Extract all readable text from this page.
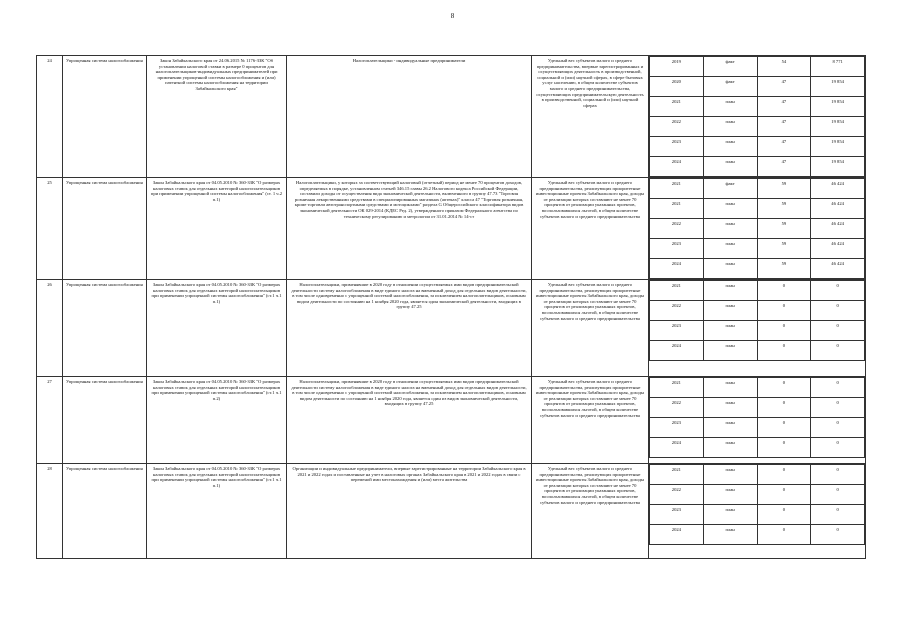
8
24	Упрощенная система налогообложения	Закон Забайкальского края от 24.06.2015 № 1176-ЗЗК "Об установлении налоговой ставки в размере 0 процентов для налогоплательщиков-индивидуальных предпринимателей при применении упрощенной системы налогообложения и (или) патентной системы налогообложения на территории Забайкальского края"	Налогоплательщики - индивидуальные предприниматели	Удельный вес субъектов малого и среднего предпринимательства, впервые зарегистрированных и осуществляющих деятельность в производственной, социальной и (или) научной сферах, в сфере бытовых услуг населению, в общем количестве субъектов малого и среднего предпринимательства, осуществляющих предпринимательскую деятельность в производственной, социальной и (или) научной сферах	
2019	факт	54	8 771
2020	факт	47	19 854
2021	план	47	19 854
2022	план	47	19 854
2023	план	47	19 854
2024	план	47	19 854

25	Упрощенная система налогообложения	Закон Забайкальского края от 04.05.2010 № 360-ЗЗК "О размерах налоговых ставок для отдельных категорий налогоплательщиков при применении упрощенной системы налогообложения" (ст. 1 ч.2 п.1)	Налогоплательщики, у которых за соответствующий налоговый (отчетный) период не менее 70 процентов доходов, определяемых в порядке, установленном статьей 346.15 главы 26.2 Налогового кодекса Российской Федерации, составили доходы от осуществления вида экономической деятельности, включенного в группу 47.73 "Торговля розничная лекарственными средствами в специализированных магазинах (аптеках)" класса 47 "Торговля розничная, кроме торговли автотранспортными средствами и мотоциклами" раздела G Общероссийского классификатора видов экономической деятельности ОК 029-2014 (КДЕС Ред. 2), утвержденного приказом Федерального агентства по техническому регулированию и метрологии от 31.01.2014 № 14-ст	Удельный вес субъектов малого и среднего предпринимательства, реализующих приоритетные инвестиционные проекты Забайкальского края, доходы от реализации которых составляют не менее 70 процентов от реализации указанных проектов, воспользовавшихся льготой, в общем количестве субъектов малого и среднего предпринимательства	
2021	факт	59	46 424
2021	план	59	46 424
2022	план	59	46 424
2023	план	59	46 424
2024	план	59	46 424

26	Упрощенная система налогообложения	Закон Забайкальского края от 04.05.2010 № 360-ЗЗК "О размерах налоговых ставок для отдельных категорий налогоплательщиков при применении упрощенной системы налогообложения" (ст.1 ч.1 п.1)	Налогоплательщики, применявшие в 2020 году в отношении осуществляемых ими видов предпринимательской деятельности систему налогообложения в виде единого налога на вмененный доход для отдельных видов деятельности, в том числе одновременно с упрощенной системой налогообложения, за исключением налогоплательщиков, основным видом деятельности по состоянию на 1 ноября 2020 года, является один экономической деятельности, входящих в группу 47.25	Удельный вес субъектов малого и среднего предпринимательства, реализующих приоритетные инвестиционные проекты Забайкальского края, доходы от реализации которых составляют не менее 70 процентов от реализации указанных проектов, воспользовавшихся льготой, в общем количестве субъектов малого и среднего предпринимательства	
2021	план	0	0
2022	план	0	0
2023	план	0	0
2024	план	0	0

27	Упрощенная система налогообложения	Закон Забайкальского края от 04.05.2010 № 360-ЗЗК "О размерах налоговых ставок для отдельных категорий налогоплательщиков при применении упрощенной системы налогообложения" (ст.1 ч.1 п.2)	Налогоплательщики, применявшие в 2020 году в отношении осуществляемых ими видов предпринимательской деятельности систему налогообложения в виде единого налога на вмененный доход для отдельных видов деятельности, в том числе одновременно с упрощенной системой налогообложения, за исключением налогоплательщиков, основным видом деятельности по состоянию на 1 ноября 2020 года, является один из видов экономической деятельности, входящих в группу 47.25	Удельный вес субъектов малого и среднего предпринимательства, реализующих приоритетные инвестиционные проекты Забайкальского края, доходы от реализации которых составляют не менее 70 процентов от реализации указанных проектов, воспользовавшихся льготой, в общем количестве субъектов малого и среднего предпринимательства	
2021	план	0	0
2022	план	0	0
2023	план	0	0
2024	план	0	0

28	Упрощенная система налогообложения	Закон Забайкальского края от 04.05.2010 № 360-ЗЗК "О размерах налоговых ставок для отдельных категорий налогоплательщиков при применении упрощенной системы налогообложения" (ст.1 ч.1 п.1)	Организации и индивидуальные предприниматели, впервые зарегистрированные на территории Забайкальского края в 2021 и 2022 годах и поставленные на учет в налоговых органах Забайкальского края в 2021 и 2022 годах в связи с переменой ими местонахождения и (или) места жительства	Удельный вес субъектов малого и среднего предпринимательства, реализующих приоритетные инвестиционные проекты Забайкальского края, доходы от реализации которых составляют не менее 70 процентов от реализации указанных проектов, воспользовавшихся льготой, в общем количестве субъектов малого и среднего предпринимательства	
2021	план	0	0
2022	план	0	0
2023	план	0	0
2024	план	0	0
